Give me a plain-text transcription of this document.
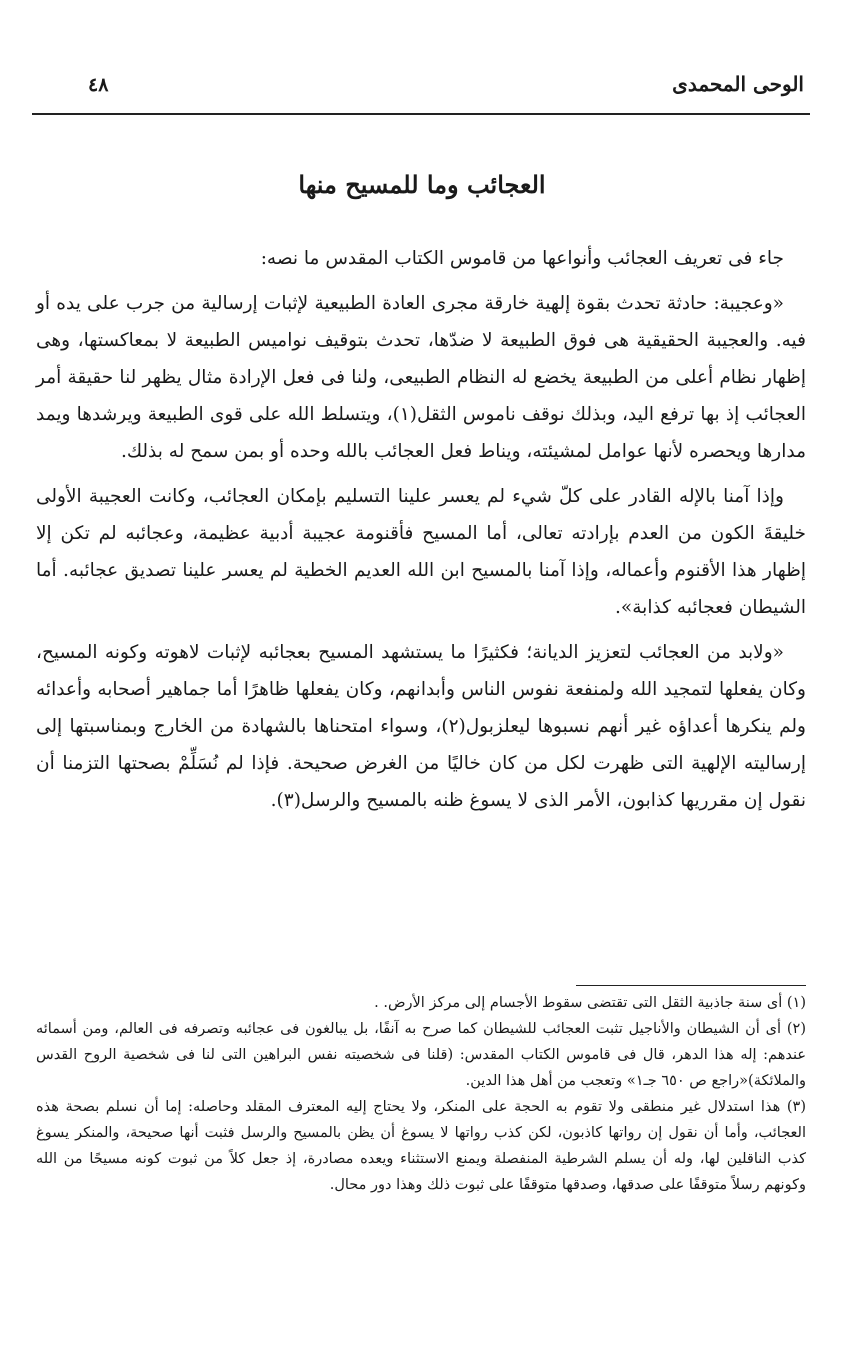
الوحى المحمدى
٤٨
العجائب وما للمسيح منها

جاء فى تعريف العجائب وأنواعها من قاموس الكتاب المقدس ما نصه:

«وعجيبة: حادثة تحدث بقوة إلهية خارقة مجرى العادة الطبيعية لإثبات إرسالية من جرب على يده أو فيه. والعجيبة الحقيقية هى فوق الطبيعة لا ضدّها، تحدث بتوقيف نواميس الطبيعة لا بمعاكستها، وهى إظهار نظام أعلى من الطبيعة يخضع له النظام الطبيعى، ولنا فى فعل الإرادة مثال يظهر لنا حقيقة أمر العجائب إذ بها ترفع اليد، وبذلك نوقف ناموس الثقل(١)، ويتسلط الله على قوى الطبيعة ويرشدها ويمد مدارها ويحصره لأنها عوامل لمشيئته، ويناط فعل العجائب بالله وحده أو بمن سمح له بذلك.

وإذا آمنا بالإله القادر على كلّ شيء لم يعسر علينا التسليم بإمكان العجائب، وكانت العجيبة الأولى خليقةَ الكون من العدم بإرادته تعالى، أما المسيح فأقنومة عجيبة أدبية عظيمة، وعجائبه لم تكن إلا إظهار هذا الأقنوم وأعماله، وإذا آمنا بالمسيح ابن الله العديم الخطية لم يعسر علينا تصديق عجائبه. أما الشيطان فعجائبه كذابة».

«ولابد من العجائب لتعزيز الديانة؛ فكثيرًا ما يستشهد المسيح بعجائبه لإثبات لاهوته وكونه المسيح، وكان يفعلها لتمجيد الله ولمنفعة نفوس الناس وأبدانهم، وكان يفعلها ظاهرًا أما جماهير أصحابه وأعدائه ولم ينكرها أعداؤه غير أنهم نسبوها ليعلزبول(٢)، وسواء امتحناها بالشهادة من الخارج وبمناسبتها إلى إرساليته الإلهية التى ظهرت لكل من كان خاليًا من الغرض صحيحة. فإذا لم نُسَلِّمْ بصحتها التزمنا أن نقول إن مقرريها كذابون، الأمر الذى لا يسوغ ظنه بالمسيح والرسل(٣).

(١) أى سنة جاذبية الثقل التى تقتضى سقوط الأجسام إلى مركز الأرض. .

(٢) أى أن الشيطان والأناجيل تثبت العجائب للشيطان كما صرح به آنفًا، بل يبالغون فى عجائبه وتصرفه فى العالم، ومن أسمائه عندهم: إله هذا الدهر، قال فى قاموس الكتاب المقدس: (قلنا فى شخصيته نفس البراهين التى لنا فى شخصية الروح القدس والملائكة)«راجع ص ٦٥٠ جـ١» وتعجب من أهل هذا الدين.

(٣) هذا استدلال غير منطقى ولا تقوم به الحجة على المنكر، ولا يحتاج إليه المعترف المقلد وحاصله: إما أن نسلم بصحة هذه العجائب، وأما أن نقول إن رواتها كاذبون، لكن كذب رواتها لا يسوغ أن يظن بالمسيح والرسل فثبت أنها صحيحة، والمنكر يسوغ كذب الناقلين لها، وله أن يسلم الشرطية المنفصلة ويمنع الاستثناء ويعده مصادرة، إذ جعل كلاً من ثبوت كونه مسيحًا من الله وكونهم رسلاً متوقفًا على صدقها، وصدقها متوقفًا على ثبوت ذلك وهذا دور محال.
